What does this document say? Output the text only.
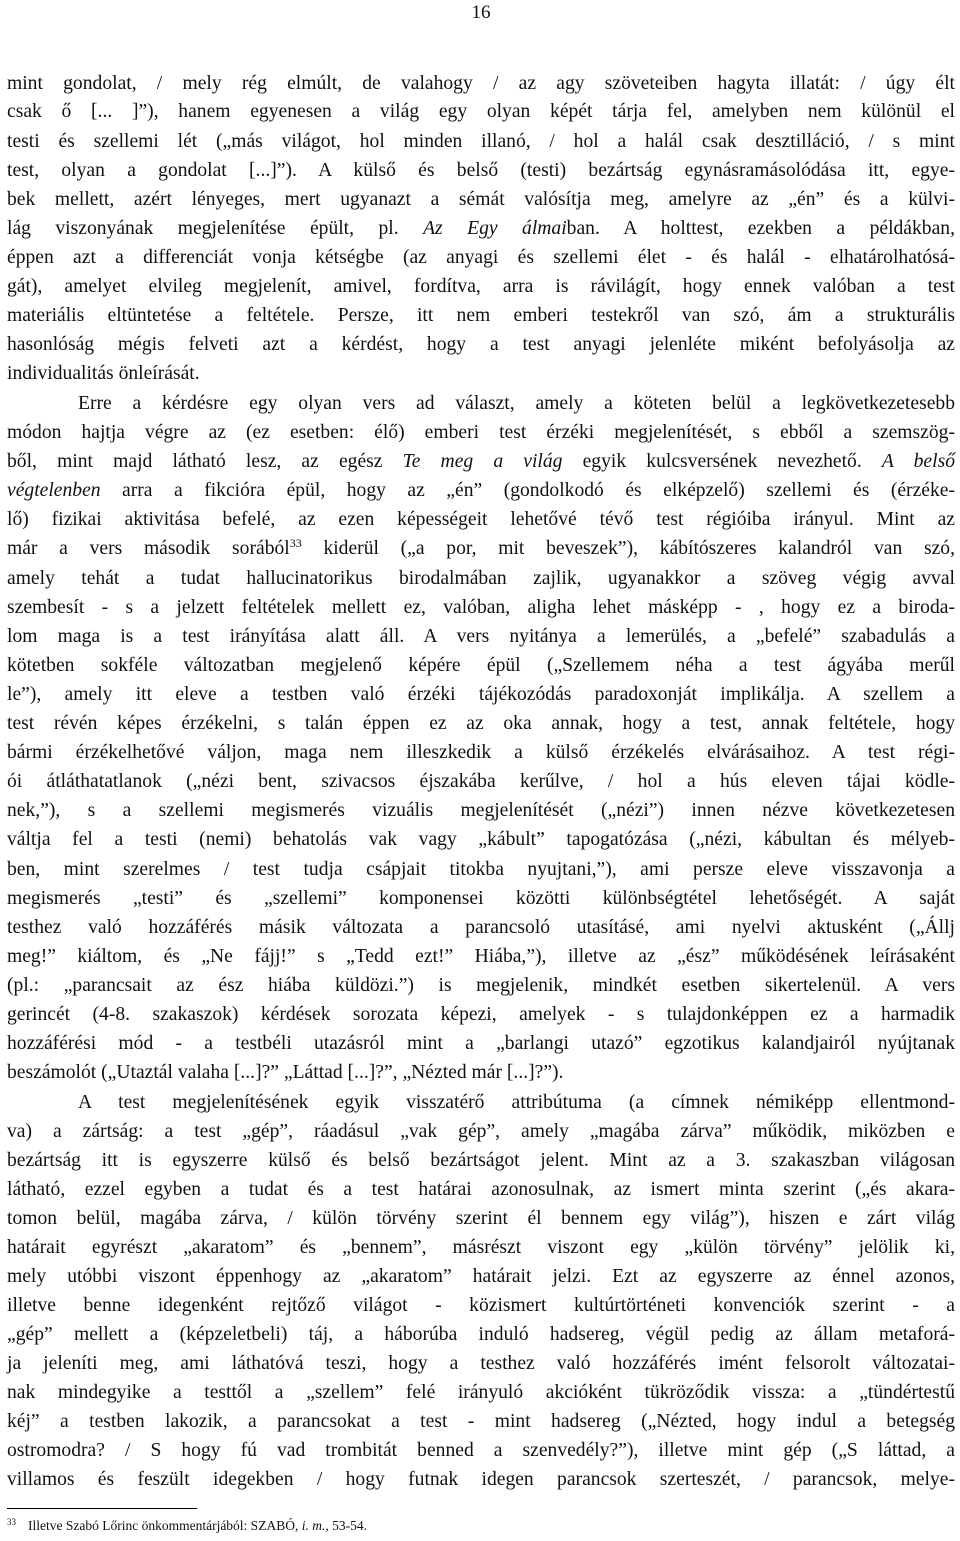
16
mint gondolat, / mely rég elmúlt, de valahogy / az agy szöveteiben hagyta illatát: / úgy élt
csak ő [... ]”), hanem egyenesen a világ egy olyan képét tárja fel, amelyben nem különül el
testi és szellemi lét („más világot, hol minden illanó, / hol a halál csak desztilláció, / s mint
test, olyan a gondolat [...]”). A külső és belső (testi) bezártság egynásramásolódása itt, egye-
bek mellett, azért lényeges, mert ugyanazt a sémát valósítja meg, amelyre az „én” és a külvi-
lág viszonyának megjelenítése épült, pl. Az Egy álmaiban. A holttest, ezekben a példákban,
éppen azt a differenciát vonja kétségbe (az anyagi és szellemi élet - és halál - elhatárolhatósá-
gát), amelyet elvileg megjelenít, amivel, fordítva, arra is rávilágít, hogy ennek valóban a test
materiális eltüntetése a feltétele. Persze, itt nem emberi testekről van szó, ám a strukturális
hasonlóság mégis felveti azt a kérdést, hogy a test anyagi jelenléte miként befolyásolja az
individualitás önleírását.
Erre a kérdésre egy olyan vers ad választ, amely a köteten belül a legkövetkezetesebb
módon hajtja végre az (ez esetben: élő) emberi test érzéki megjelenítését, s ebből a szemszög-
ből, mint majd látható lesz, az egész Te meg a világ egyik kulcsversének nevezhető. A belső
végtelenben arra a fikcióra épül, hogy az „én” (gondolkodó és elképzelő) szellemi és (érzéke-
lő) fizikai aktivitása befelé, az ezen képességeit lehetővé tévő test régióiba irányul. Mint az
már a vers második sorából$^{33}$ kiderül („a por, mit beveszek”), kábítószeres kalandról van szó,
amely tehát a tudat hallucinatorikus birodalmában zajlik, ugyanakkor a szöveg végig avval
szembesít - s a jelzett feltételek mellett ez, valóban, aligha lehet másképp - , hogy ez a biroda-
lom maga is a test irányítása alatt áll. A vers nyitánya a lemerülés, a „befelé” szabadulás a
kötetben sokféle változatban megjelenő képére épül („Szellemem néha a test ágyába merűl
le”), amely itt eleve a testben való érzéki tájékozódás paradoxonját implikálja. A szellem a
test révén képes érzékelni, s talán éppen ez az oka annak, hogy a test, annak feltétele, hogy
bármi érzékelhetővé váljon, maga nem illeszkedik a külső érzékelés elvárásaihoz. A test régi-
ói átláthatatlanok („nézi bent, szivacsos éjszakába kerűlve, / hol a hús eleven tájai ködle-
nek,”), s a szellemi megismerés vizuális megjelenítését („nézi”) innen nézve következetesen
váltja fel a testi (nemi) behatolás vak vagy „kábult” tapogatózása („nézi, kábultan és mélyeb-
ben, mint szerelmes / test tudja csápjait titokba nyujtani,”), ami persze eleve visszavonja a
megismerés „testi” és „szellemi” komponensei közötti különbségtétel lehetőségét. A saját
testhez való hozzáférés másik változata a parancsoló utasításé, ami nyelvi aktusként („Állj
meg!” kiáltom, és „Ne fájj!” s „Tedd ezt!” Hiába,”), illetve az „ész” működésének leírásaként
(pl.: „parancsait az ész hiába küldözi.”) is megjelenik, mindkét esetben sikertelenül. A vers
gerincét (4-8. szakaszok) kérdések sorozata képezi, amelyek - s tulajdonképpen ez a harmadik
hozzáférési mód - a testbéli utazásról mint a „barlangi utazó” egzotikus kalandjairól nyújtanak
beszámolót („Utaztál valaha [...]?” „Láttad [...]?”, „Nézted már [...]?”).
A test megjelenítésének egyik visszatérő attribútuma (a címnek némiképp ellentmond-
va) a zártság: a test „gép”, ráadásul „vak gép”, amely „magába zárva” működik, miközben e
bezártság itt is egyszerre külső és belső bezártságot jelent. Mint az a 3. szakaszban világosan
látható, ezzel egyben a tudat és a test határai azonosulnak, az ismert minta szerint („és akara-
tomon belül, magába zárva, / külön törvény szerint él bennem egy világ”), hiszen e zárt világ
határait egyrészt „akaratom” és „bennem”, másrészt viszont egy „külön törvény” jelölik ki,
mely utóbbi viszont éppenhogy az „akaratom” határait jelzi. Ezt az egyszerre az énnel azonos,
illetve benne idegenként rejtőző világot - közismert kultúrtörténeti konvenciók szerint - a
„gép” mellett a (képzeletbeli) táj, a háborúba induló hadsereg, végül pedig az állam metaforá-
ja jeleníti meg, ami láthatóvá teszi, hogy a testhez való hozzáférés imént felsorolt változatai-
nak mindegyike a testtől a „szellem” felé irányuló akcióként tükröződik vissza: a „tündértestű
kéj” a testben lakozik, a parancsokat a test - mint hadsereg („Nézted, hogy indul a betegség
ostromodra? / S hogy fú vad trombitát benned a szenvedély?”), illetve mint gép („S láttad, a
villamos és feszült idegekben / hogy futnak idegen parancsok szerteszét, / parancsok, melye-
$^{33}$ Illetve Szabó Lőrinc önkommentárjából: SZABÓ, i. m., 53-54.
